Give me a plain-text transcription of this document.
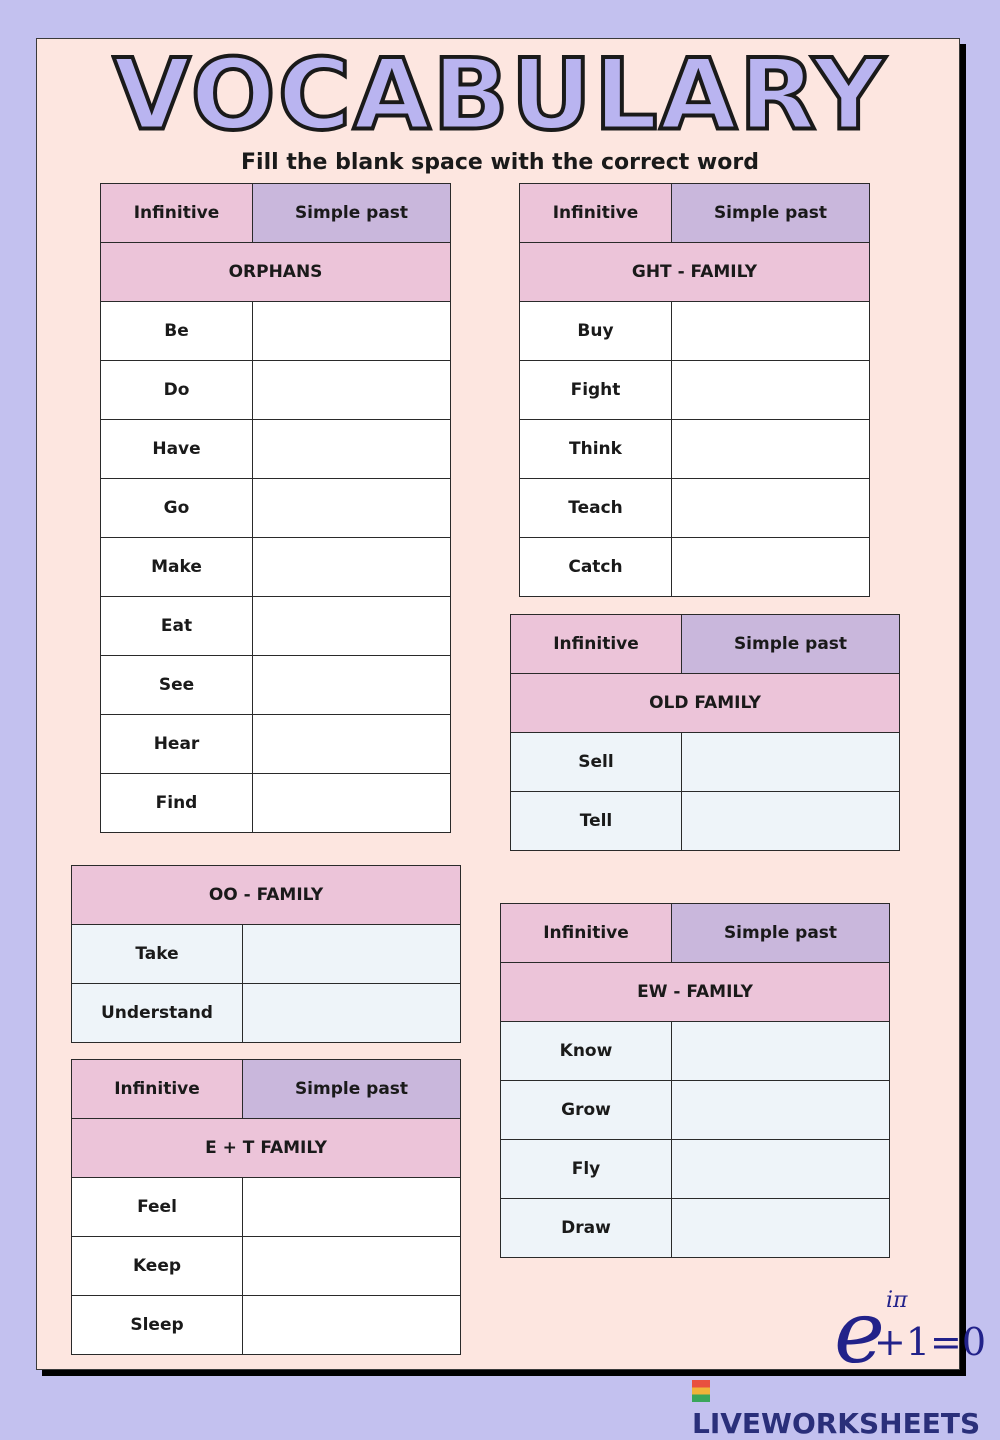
VOCABULARY
Fill the blank space with the correct word
Infinitive	Simple past
ORPHANS	
Be	
Do	
Have	
Go	
Make	
Eat	
See	
Hear	
Find	
Infinitive	Simple past
GHT - FAMILY	
Buy	
Fight	
Think	
Teach	
Catch	
Infinitive	Simple past
OLD FAMILY	
Sell	
Tell	
OO - FAMILY	
Take	
Understand	
Infinitive	Simple past
EW - FAMILY	
Know	
Grow	
Fly	
Draw	
Infinitive	Simple past
E + T FAMILY	
Feel	
Keep	
Sleep		e iπ
+1=0
LIVEWORKSHEETS
